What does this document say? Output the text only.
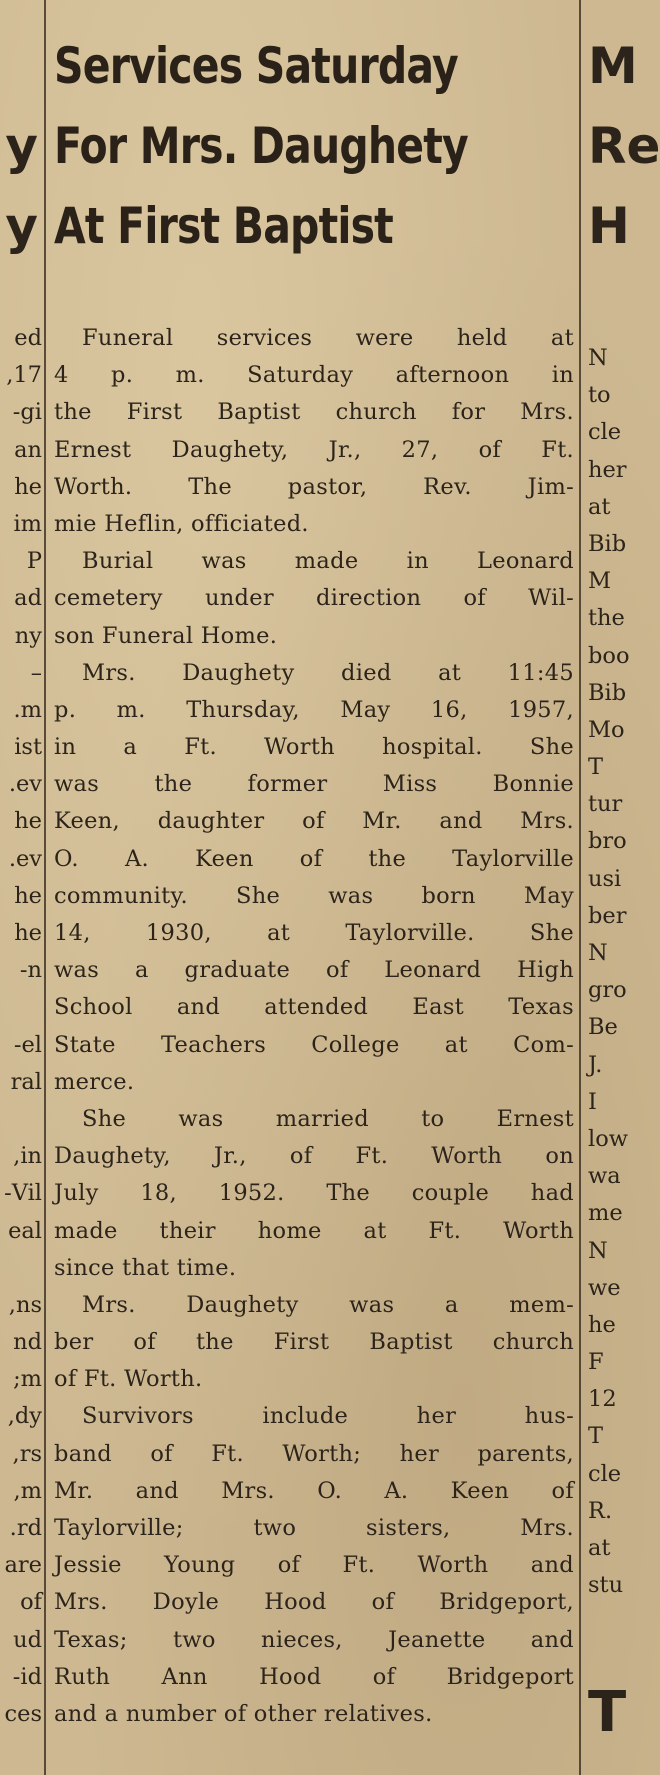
y
y
ed
17,
gi-
an
he
im
P
ad
ny
–
m.
ist
ev.
he
ev.
he
he
n-
el-
ral
in,
Vil-
eal
ns,
nd
m;
dy,
rs,
m,
rd.
are
of
ud
id-
ces
Services Saturday
For Mrs. Daughety
At First Baptist
Funeral services were held at
4 p. m. Saturday afternoon in
the First Baptist church for Mrs.
Ernest Daughety, Jr., 27, of Ft.
Worth. The pastor, Rev. Jim-
mie Heflin, officiated.
Burial was made in Leonard
cemetery under direction of Wil-
son Funeral Home.
Mrs. Daughety died at 11:45
p. m. Thursday, May 16, 1957,
in a Ft. Worth hospital. She
was the former Miss Bonnie
Keen, daughter of Mr. and Mrs.
O. A. Keen of the Taylorville
community. She was born May
14, 1930, at Taylorville. She
was a graduate of Leonard High
School and attended East Texas
State Teachers College at Com-
merce.
She was married to Ernest
Daughety, Jr., of Ft. Worth on
July 18, 1952. The couple had
made their home at Ft. Worth
since that time.
Mrs. Daughety was a mem-
ber of the First Baptist church
of Ft. Worth.
Survivors include her hus-
band of Ft. Worth; her parents,
Mr. and Mrs. O. A. Keen of
Taylorville; two sisters, Mrs.
Jessie Young of Ft. Worth and
Mrs. Doyle Hood of Bridgeport,
Texas; two nieces, Jeanette and
Ruth Ann Hood of Bridgeport
and a number of other relatives.
M
Re
H
N
to
cle
her
at
Bib
M
the
boo
Bib
Mo
T
tur
bro
usi
ber
N
gro
Be
J.
I
low
wa
me
N
we
he
F
12
T
cle
R.
at
stu
T
